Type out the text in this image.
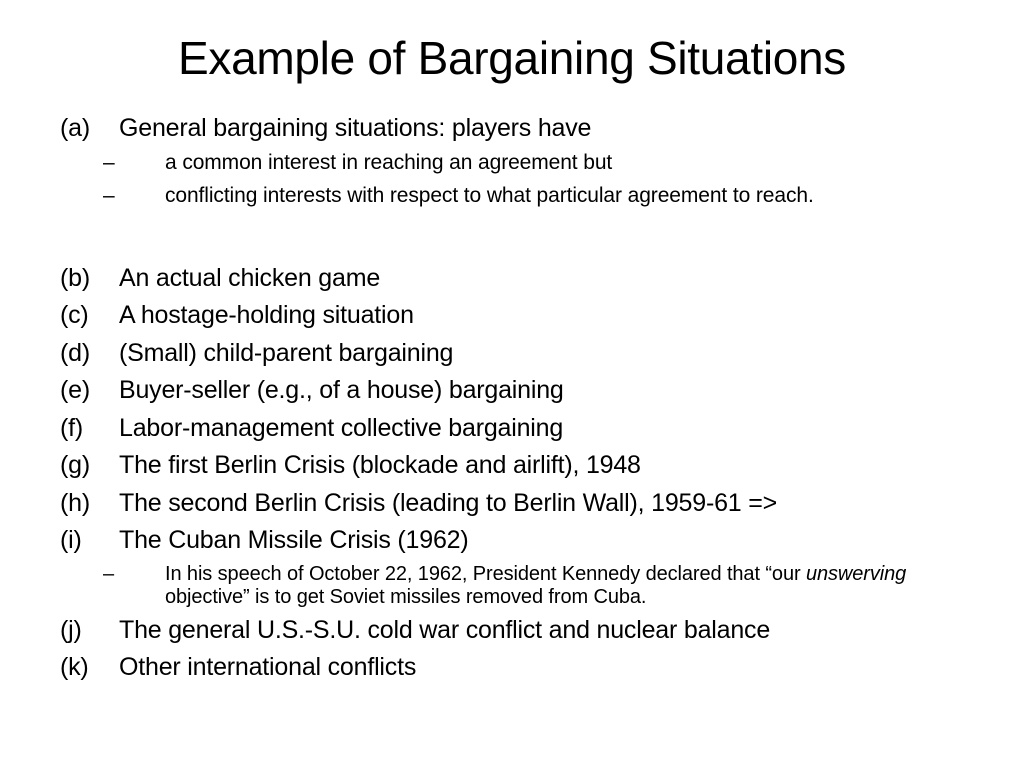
Example of Bargaining Situations
(a) General bargaining situations: players have
– a common interest in reaching an agreement but
– conflicting interests with respect to what particular agreement to reach.
(b) An actual chicken game
(c) A hostage-holding situation
(d) (Small) child-parent bargaining
(e) Buyer-seller (e.g., of a house) bargaining
(f) Labor-management collective bargaining
(g) The first Berlin Crisis (blockade and airlift), 1948
(h) The second Berlin Crisis (leading to Berlin Wall), 1959-61 =>
(i) The Cuban Missile Crisis (1962)
–	In his speech of October 22, 1962, President Kennedy declared that “our unswerving objective” is to get Soviet missiles removed from Cuba.
(j) The general U.S.-S.U. cold war conflict and nuclear balance
(k) Other international conflicts
